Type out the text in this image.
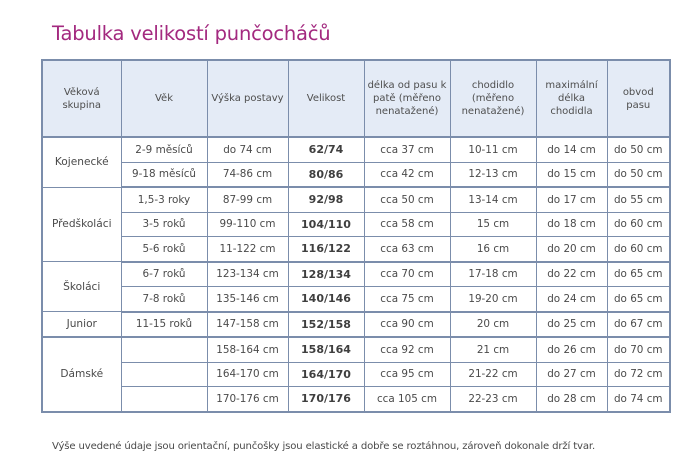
Tabulka velikostí punčocháčů
Věková skupina	Věk	Výška postavy	Velikost	délka od pasu k patě (měřeno nenatažené)	chodidlo (měřeno nenatažené)	maximální délka chodidla	obvod pasu
Kojenecké	2-9 měsíců	do 74 cm	62/74	cca 37 cm	10-11 cm	do 14 cm	do 50 cm
	9-18 měsíců	74-86 cm	80/86	cca 42 cm	12-13 cm	do 15 cm	do 50 cm
Předškoláci	1,5-3 roky	87-99 cm	92/98	cca 50 cm	13-14 cm	do 17 cm	do 55 cm
	3-5 roků	99-110 cm	104/110	cca 58 cm	15 cm	do 18 cm	do 60 cm
	5-6 roků	11-122 cm	116/122	cca 63 cm	16 cm	do 20 cm	do 60 cm
Školáci	6-7 roků	123-134 cm	128/134	cca 70 cm	17-18 cm	do 22 cm	do 65 cm
	7-8 roků	135-146 cm	140/146	cca 75 cm	19-20 cm	do 24 cm	do 65 cm
Junior	11-15 roků	147-158 cm	152/158	cca 90 cm	20 cm	do 25 cm	do 67 cm
Dámské		158-164 cm	158/164	cca 92 cm	21 cm	do 26 cm	do 70 cm
		164-170 cm	164/170	cca 95 cm	21-22 cm	do 27 cm	do 72 cm
		170-176 cm	170/176	cca 105 cm	22-23 cm	do 28 cm	do 74 cm

Výše uvedené údaje jsou orientační, punčošky jsou elastické a dobře se roztáhnou, zároveň dokonale drží tvar.
